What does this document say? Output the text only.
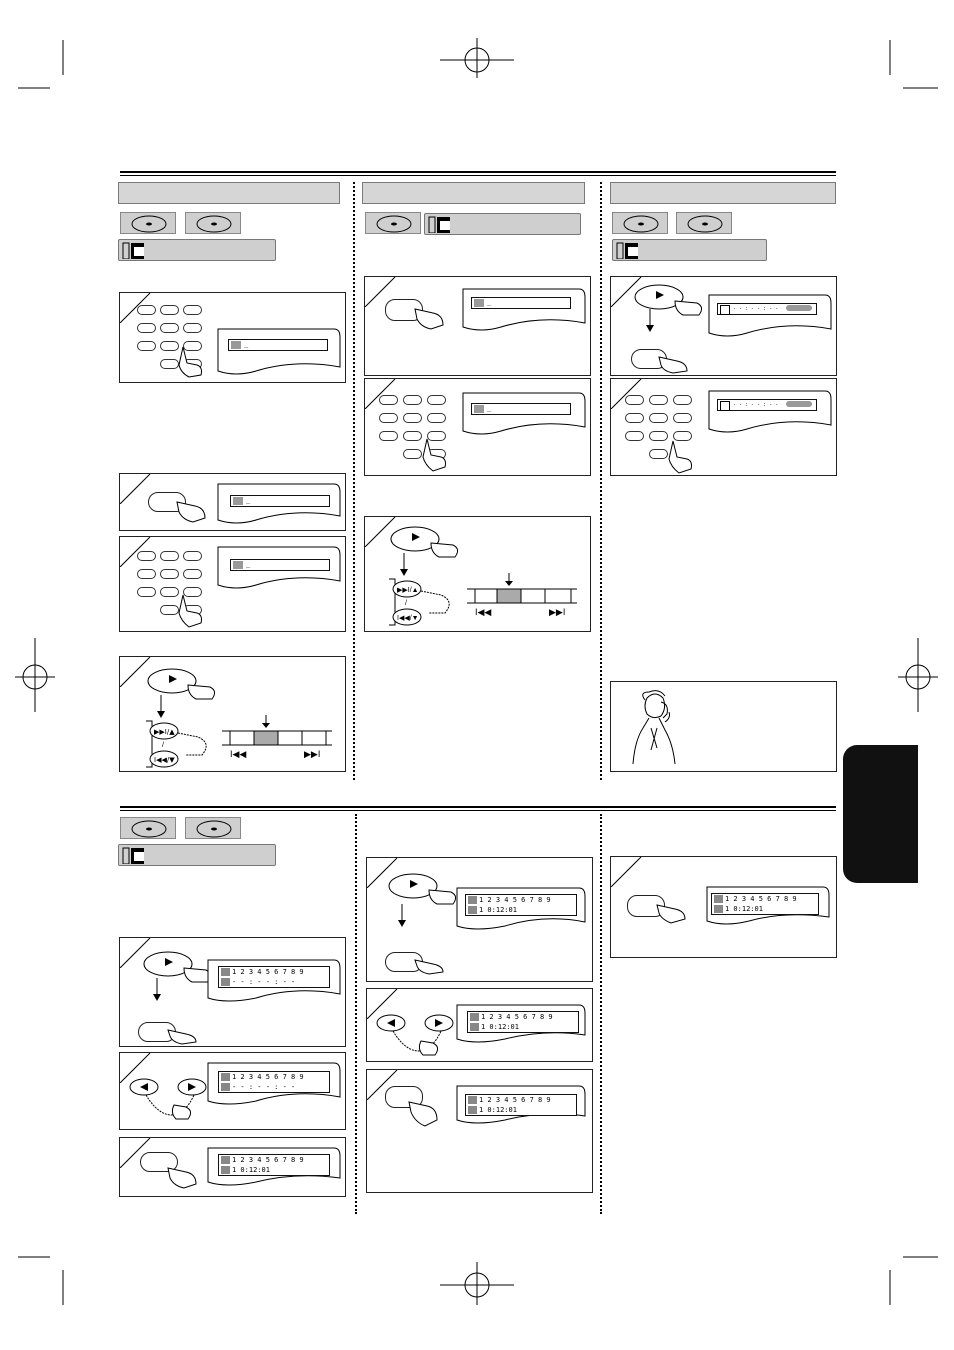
_
_
_
▶▶I/▲
/
I◀◀/▼
I◀◀	▶▶I
_
_
▶▶I/▲
/
I◀◀/▼
I◀◀	▶▶I
- - : - - : - -
- - : - - : - -
1 2 3 4 5 6 7 8 9
- - : - - : - -
1 2 3 4 5 6 7 8 9
- - : - - : - -
1 2 3 4 5 6 7 8 9
1 0:12:01
1 2 3 4 5 6 7 8 9
1 0:12:01
1 2 3 4 5 6 7 8 9
1 0:12:01
1 2 3 4 5 6 7 8 9
1 0:12:01
1 2 3 4 5 6 7 8 9
1 0:12:01
